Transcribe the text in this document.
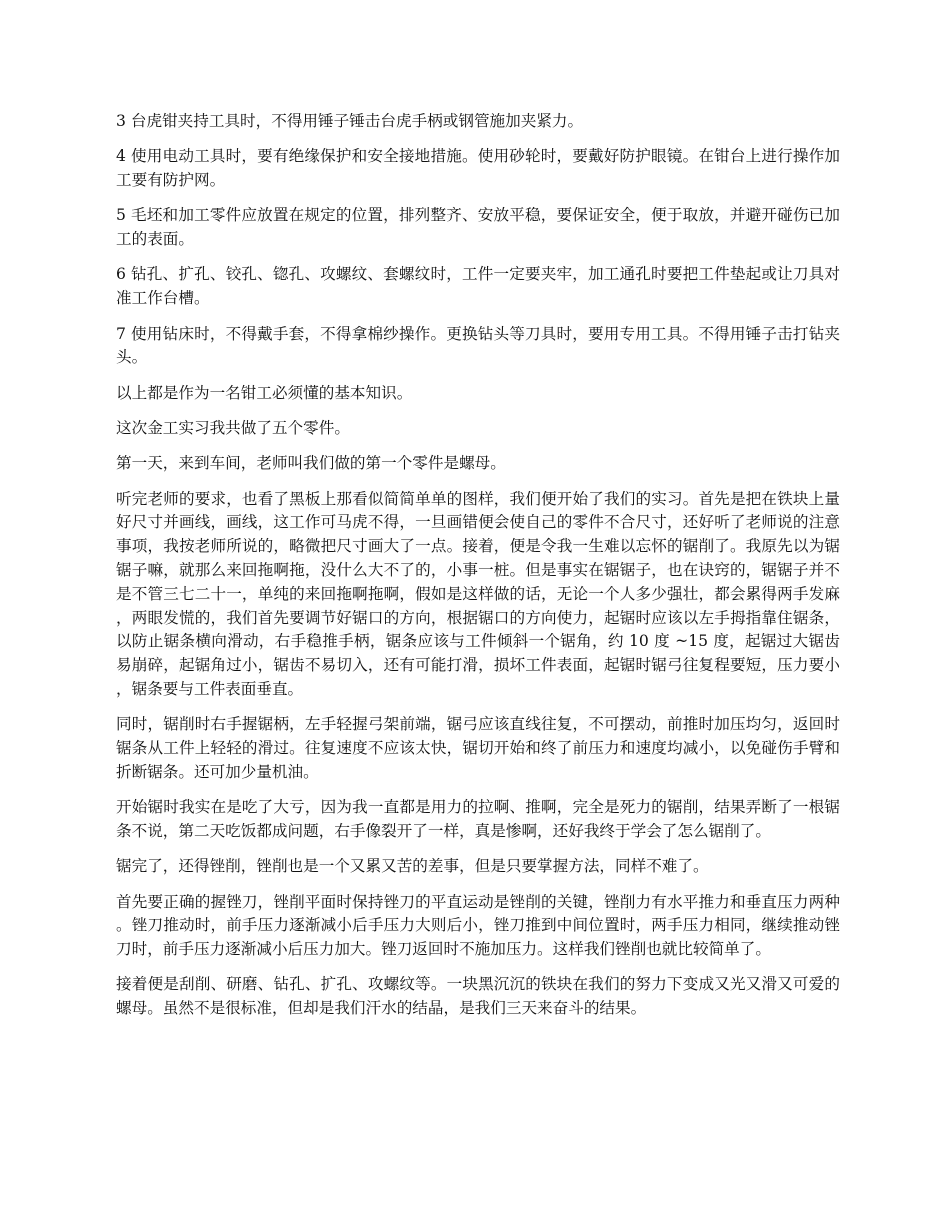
3 台虎钳夹持工具时，不得用锤子锤击台虎手柄或钢管施加夹紧力。

4 使用电动工具时，要有绝缘保护和安全接地措施。使用砂轮时，要戴好防护眼镜。在钳台上进行操作加工要有防护网。

5 毛坯和加工零件应放置在规定的位置，排列整齐、安放平稳，要保证安全，便于取放，并避开碰伤已加工的表面。

6 钻孔、扩孔、铰孔、锪孔、攻螺纹、套螺纹时，工件一定要夹牢，加工通孔时要把工件垫起或让刀具对准工作台槽。

7 使用钻床时，不得戴手套，不得拿棉纱操作。更换钻头等刀具时，要用专用工具。不得用锤子击打钻夹头。

以上都是作为一名钳工必须懂的基本知识。

这次金工实习我共做了五个零件。

第一天，来到车间，老师叫我们做的第一个零件是螺母。

听完老师的要求，也看了黑板上那看似简简单单的图样，我们便开始了我们的实习。首先是把在铁块上量好尺寸并画线，画线，这工作可马虎不得，一旦画错便会使自己的零件不合尺寸，还好听了老师说的注意事项，我按老师所说的，略微把尺寸画大了一点。接着，便是令我一生难以忘怀的锯削了。我原先以为锯锯子嘛，就那么来回拖啊拖，没什么大不了的，小事一桩。但是事实在锯锯子，也在诀窍的，锯锯子并不是不管三七二十一，单纯的来回拖啊拖啊，假如是这样做的话，无论一个人多少强壮，都会累得两手发麻，两眼发慌的，我们首先要调节好锯口的方向，根据锯口的方向使力，起锯时应该以左手拇指靠住锯条，以防止锯条横向滑动，右手稳推手柄，锯条应该与工件倾斜一个锯角，约 10 度 ~15 度，起锯过大锯齿易崩碎，起锯角过小，锯齿不易切入，还有可能打滑，损坏工件表面，起锯时锯弓往复程要短，压力要小，锯条要与工件表面垂直。

同时，锯削时右手握锯柄，左手轻握弓架前端，锯弓应该直线往复，不可摆动，前推时加压均匀，返回时锯条从工件上轻轻的滑过。往复速度不应该太快，锯切开始和终了前压力和速度均减小，以免碰伤手臂和折断锯条。还可加少量机油。

开始锯时我实在是吃了大亏，因为我一直都是用力的拉啊、推啊，完全是死力的锯削，结果弄断了一根锯条不说，第二天吃饭都成问题，右手像裂开了一样，真是惨啊，还好我终于学会了怎么锯削了。

锯完了，还得锉削，锉削也是一个又累又苦的差事，但是只要掌握方法，同样不难了。

首先要正确的握锉刀，锉削平面时保持锉刀的平直运动是锉削的关键，锉削力有水平推力和垂直压力两种。锉刀推动时，前手压力逐渐减小后手压力大则后小，锉刀推到中间位置时，两手压力相同，继续推动锉刀时，前手压力逐渐减小后压力加大。锉刀返回时不施加压力。这样我们锉削也就比较简单了。

接着便是刮削、研磨、钻孔、扩孔、攻螺纹等。一块黑沉沉的铁块在我们的努力下变成又光又滑又可爱的螺母。虽然不是很标准，但却是我们汗水的结晶，是我们三天来奋斗的结果。
